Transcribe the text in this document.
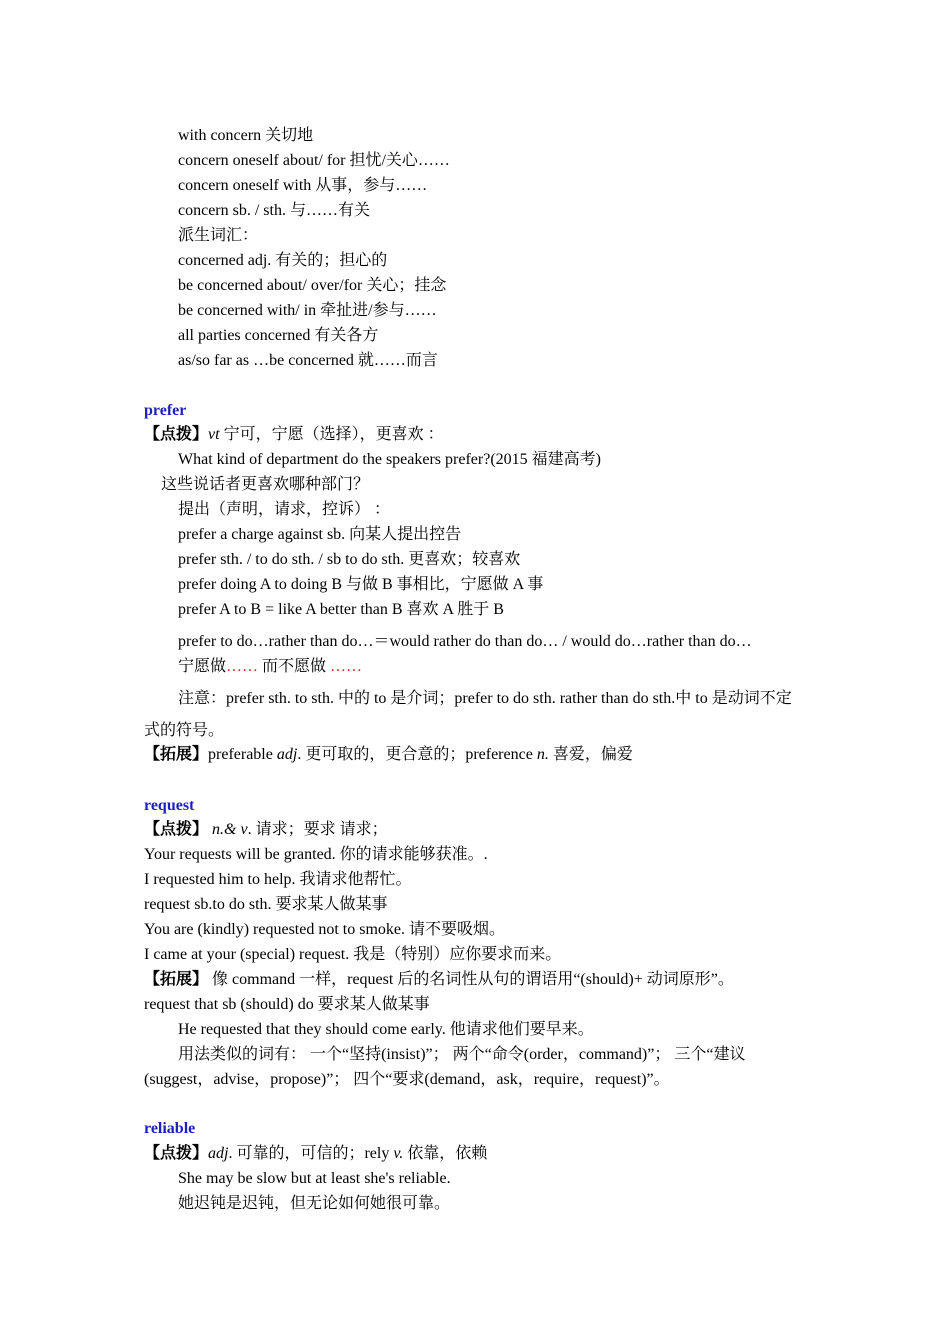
with concern 关切地
concern oneself about/ for 担忧/关心……
concern oneself with 从事，参与……
concern sb. / sth. 与……有关
派生词汇：
concerned adj. 有关的；担心的
be concerned about/ over/for 关心；挂念
be concerned with/ in 牵扯进/参与……
all parties concerned 有关各方
as/so far as …be concerned 就……而言
prefer
【点拨】vt 宁可，宁愿（选择），更喜欢 ：
What kind of department do the speakers prefer?(2015 福建高考)
这些说话者更喜欢哪种部门？
提出（声明，请求，控诉） ：
prefer a charge against sb. 向某人提出控告
prefer sth. / to do sth. / sb to do sth. 更喜欢；较喜欢
prefer doing A to doing B 与做 B 事相比，宁愿做 A 事
prefer A to B = like A better than B 喜欢 A 胜于 B
prefer to do…rather than do…＝would rather do than do… / would do…rather than do…
宁愿做…… 而不愿做 ……
注意：prefer sth. to sth. 中的 to 是介词；prefer to do sth. rather than do sth.中 to 是动词不定
式的符号。
【拓展】preferable adj. 更可取的，更合意的；preference n. 喜爱，偏爱
request
【点拨】 n.& v. 请求；要求 请求；
Your requests will be granted. 你的请求能够获准。.
I requested him to help. 我请求他帮忙。
request sb.to do sth. 要求某人做某事
You are (kindly) requested not to smoke. 请不要吸烟。
I came at your (special) request. 我是（特别）应你要求而来。
【拓展】 像 command 一样，request 后的名词性从句的谓语用“(should)+ 动词原形”。
request that sb (should) do 要求某人做某事
He requested that they should come early. 他请求他们要早来。
用法类似的词有： 一个“坚持(insist)”； 两个“命令(order，command)”； 三个“建议
(suggest，advise，propose)”； 四个“要求(demand，ask，require，request)”。
reliable
【点拨】adj. 可靠的，可信的；rely v. 依靠，依赖
She may be slow but at least she's reliable.
她迟钝是迟钝，但无论如何她很可靠。
